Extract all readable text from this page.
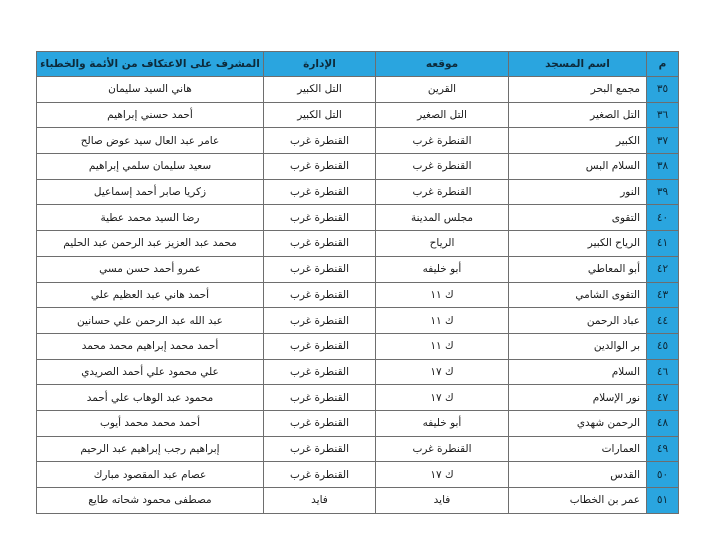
م	اسم المسجد	موقعه	الإدارة	المشرف على الاعتكاف من الأئمة والخطباء
٣٥	مجمع البحر	القرين	التل الكبير	هاني السيد سليمان
٣٦	التل الصغير	التل الصغير	التل الكبير	أحمد حسني إبراهيم
٣٧	الكبير	القنطرة غرب	القنطرة غرب	عامر عبد العال سيد عوض صالح
٣٨	السلام البس	القنطرة غرب	القنطرة غرب	سعيد سليمان سلمي إبراهيم
٣٩	النور	القنطرة غرب	القنطرة غرب	زكريا صابر أحمد إسماعيل
٤٠	التقوى	مجلس المدينة	القنطرة غرب	رضا السيد محمد عطية
٤١	الرياح الكبير	الرياح	القنطرة غرب	محمد عبد العزيز عبد الرحمن عبد الحليم
٤٢	أبو المعاطي	أبو خليفه	القنطرة غرب	عمرو أحمد حسن مسي
٤٣	التقوى الشامي	ك ١١	القنطرة غرب	أحمد هاني عبد العظيم علي
٤٤	عباد الرحمن	ك ١١	القنطرة غرب	عبد الله عبد الرحمن علي حسانين
٤٥	بر الوالدين	ك ١١	القنطرة غرب	أحمد محمد إبراهيم محمد محمد
٤٦	السلام	ك ١٧	القنطرة غرب	علي محمود علي أحمد الصريدي
٤٧	نور الإسلام	ك ١٧	القنطرة غرب	محمود عبد الوهاب علي أحمد
٤٨	الرحمن شهدي	أبو خليفه	القنطرة غرب	أحمد محمد محمد أيوب
٤٩	العمارات	القنطرة غرب	القنطرة غرب	إبراهيم رجب إبراهيم عبد الرحيم
٥٠	القدس	ك ١٧	القنطرة غرب	عصام عبد المقصود مبارك
٥١	عمر بن الخطاب	فايد	فايد	مصطفى محمود شحاته طايع
